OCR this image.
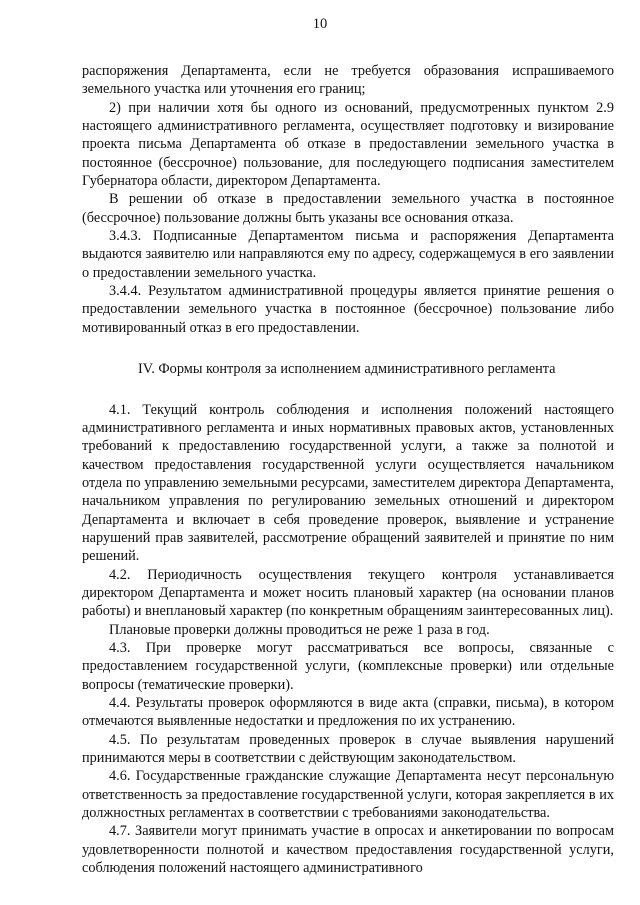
10

распоряжения Департамента, если не требуется образования испрашиваемого земельного участка или уточнения его границ;

2) при наличии хотя бы одного из оснований, предусмотренных пунктом 2.9 настоящего административного регламента, осуществляет подготовку и визирование проекта письма Департамента об отказе в предоставлении земельного участка в постоянное (бессрочное) пользование, для последующего подписания заместителем Губернатора области, директором Департамента.

В решении об отказе в предоставлении земельного участка в постоянное (бессрочное) пользование должны быть указаны все основания отказа.

3.4.3. Подписанные Департаментом письма и распоряжения Департамента выдаются заявителю или направляются ему по адресу, содержащемуся в его заявлении о предоставлении земельного участка.

3.4.4. Результатом административной процедуры является принятие решения о предоставлении земельного участка в постоянное (бессрочное) пользование либо мотивированный отказ в его предоставлении.

IV. Формы контроля за исполнением административного регламента

4.1. Текущий контроль соблюдения и исполнения положений настоящего административного регламента и иных нормативных правовых актов, установленных требований к предоставлению государственной услуги, а также за полнотой и качеством предоставления государственной услуги осуществляется начальником отдела по управлению земельными ресурсами, заместителем директора Департамента, начальником управления по регулированию земельных отношений и директором Департамента и включает в себя проведение проверок, выявление и устранение нарушений прав заявителей, рассмотрение обращений заявителей и принятие по ним решений.

4.2. Периодичность осуществления текущего контроля устанавливается директором Департамента и может носить плановый характер (на основании планов работы) и внеплановый характер (по конкретным обращениям заинтересованных лиц).

Плановые проверки должны проводиться не реже 1 раза в год.

4.3. При проверке могут рассматриваться все вопросы, связанные с предоставлением государственной услуги, (комплексные проверки) или отдельные вопросы (тематические проверки).

4.4. Результаты проверок оформляются в виде акта (справки, письма), в котором отмечаются выявленные недостатки и предложения по их устранению.

4.5. По результатам проведенных проверок в случае выявления нарушений принимаются меры в соответствии с действующим законодательством.

4.6. Государственные гражданские служащие Департамента несут персональную ответственность за предоставление государственной услуги, которая закрепляется в их должностных регламентах в соответствии с требованиями законодательства.

4.7. Заявители могут принимать участие в опросах и анкетировании по вопросам удовлетворенности полнотой и качеством предоставления государственной услуги, соблюдения положений настоящего административного
